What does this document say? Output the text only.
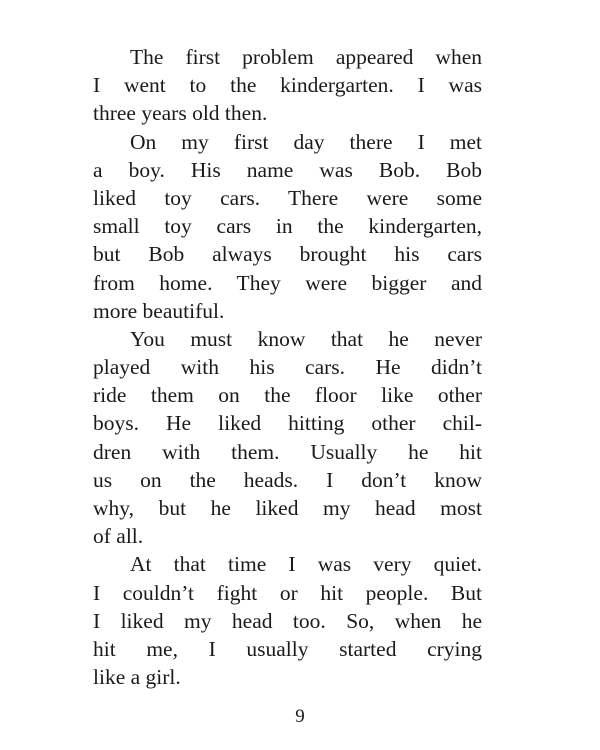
The first problem appeared when
I went to the kindergarten. I was
three years old then.
On my first day there I met
a boy. His name was Bob. Bob
liked toy cars. There were some
small toy cars in the kindergarten,
but Bob always brought his cars
from home. They were bigger and
more beautiful.
You must know that he never
played with his cars. He didn’t
ride them on the floor like other
boys. He liked hitting other chil-
dren with them. Usually he hit
us on the heads. I don’t know
why, but he liked my head most
of all.
At that time I was very quiet.
I couldn’t fight or hit people. But
I liked my head too. So, when he
hit me, I usually started crying
like a girl.
9
